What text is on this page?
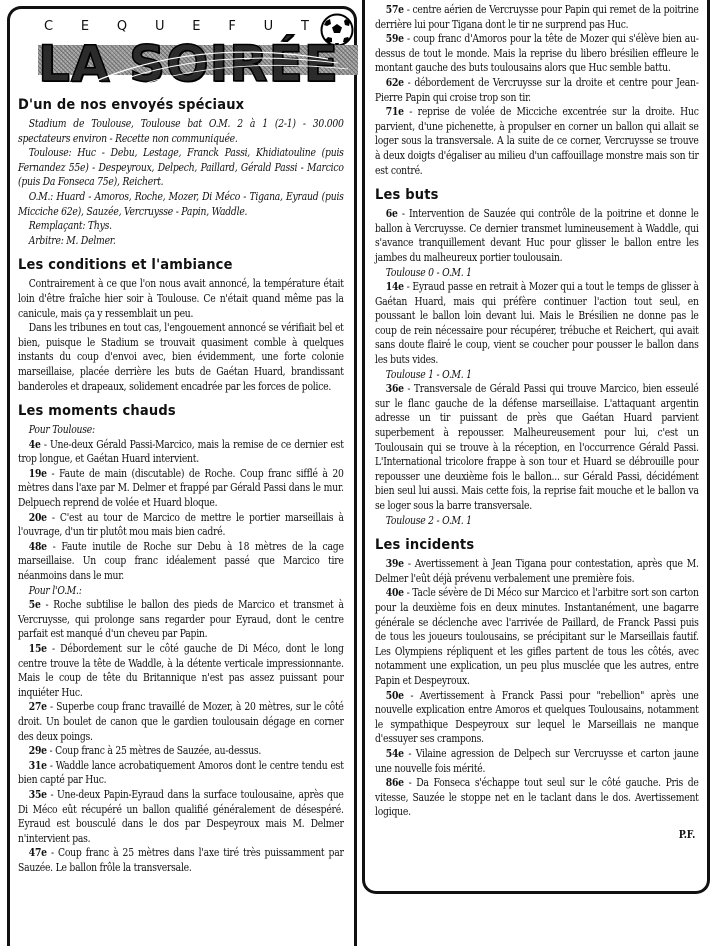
C E Q U E F U T
LA SOIRÉE
D'un de nos envoyés spéciaux

Stadium de Toulouse, Toulouse bat O.M. 2 à 1 (2-1) - 30.000 spectateurs environ - Recette non communiquée.

Toulouse: Huc - Debu, Lestage, Franck Passi, Khidiatouline (puis Fernandez 55e) - Despeyroux, Delpech, Paillard, Gérald Passi - Marcico (puis Da Fonseca 75e), Reichert.

O.M.: Huard - Amoros, Roche, Mozer, Di Méco - Tigana, Eyraud (puis Micciche 62e), Sauzée, Vercruysse - Papin, Waddle.

Remplaçant: Thys.

Arbitre: M. Delmer.

Les conditions et l'ambiance

Contrairement à ce que l'on nous avait annoncé, la température était loin d'être fraîche hier soir à Toulouse. Ce n'était quand même pas la canicule, mais ça y ressemblait un peu.

Dans les tribunes en tout cas, l'engouement annoncé se vérifiait bel et bien, puisque le Stadium se trouvait quasiment comble à quelques instants du coup d'envoi avec, bien évidemment, une forte colonie marseillaise, placée derrière les buts de Gaétan Huard, brandissant banderoles et drapeaux, solidement encadrée par les forces de police.

Les moments chauds

Pour Toulouse:

4e - Une-deux Gérald Passi-Marcico, mais la remise de ce dernier est trop longue, et Gaétan Huard intervient.

19e - Faute de main (discutable) de Roche. Coup franc sifflé à 20 mètres dans l'axe par M. Delmer et frappé par Gérald Passi dans le mur. Delpuech reprend de volée et Huard bloque.

20e - C'est au tour de Marcico de mettre le portier marseillais à l'ouvrage, d'un tir plutôt mou mais bien cadré.

48e - Faute inutile de Roche sur Debu à 18 mètres de la cage marseillaise. Un coup franc idéalement passé que Marcico tire néanmoins dans le mur.

Pour l'O.M.:

5e - Roche subtilise le ballon des pieds de Marcico et transmet à Vercruysse, qui prolonge sans regarder pour Eyraud, dont le centre parfait est manqué d'un cheveu par Papin.

15e - Débordement sur le côté gauche de Di Méco, dont le long centre trouve la tête de Waddle, à la détente verticale impressionnante. Mais le coup de tête du Britannique n'est pas assez puissant pour inquiéter Huc.

27e - Superbe coup franc travaillé de Mozer, à 20 mètres, sur le côté droit. Un boulet de canon que le gardien toulousain dégage en corner des deux poings.

29e - Coup franc à 25 mètres de Sauzée, au-dessus.

31e - Waddle lance acrobatiquement Amoros dont le centre tendu est bien capté par Huc.

35e - Une-deux Papin-Eyraud dans la surface toulousaine, après que Di Méco eût récupéré un ballon qualifié généralement de désespéré. Eyraud est bousculé dans le dos par Despeyroux mais M. Delmer n'intervient pas.

47e - Coup franc à 25 mètres dans l'axe tiré très puissamment par Sauzée. Le ballon frôle la transversale.

57e - centre aérien de Vercruysse pour Papin qui remet de la poitrine derrière lui pour Tigana dont le tir ne surprend pas Huc.

59e - coup franc d'Amoros pour la tête de Mozer qui s'élève bien au-dessus de tout le monde. Mais la reprise du libero brésilien effleure le montant gauche des buts toulousains alors que Huc semble battu.

62e - débordement de Vercruysse sur la droite et centre pour Jean-Pierre Papin qui croise trop son tir.

71e - reprise de volée de Micciche excentrée sur la droite. Huc parvient, d'une pichenette, à propulser en corner un ballon qui allait se loger sous la transversale. A la suite de ce corner, Vercruysse se trouve à deux doigts d'égaliser au milieu d'un caffouillage monstre mais son tir est contré.

Les buts

6e - Intervention de Sauzée qui contrôle de la poitrine et donne le ballon à Vercruysse. Ce dernier transmet lumineusement à Waddle, qui s'avance tranquillement devant Huc pour glisser le ballon entre les jambes du malheureux portier toulousain.

Toulouse 0 - O.M. 1

14e - Eyraud passe en retrait à Mozer qui a tout le temps de glisser à Gaétan Huard, mais qui préfère continuer l'action tout seul, en poussant le ballon loin devant lui. Mais le Brésilien ne donne pas le coup de rein nécessaire pour récupérer, trébuche et Reichert, qui avait sans doute flairé le coup, vient se coucher pour pousser le ballon dans les buts vides.

Toulouse 1 - O.M. 1

36e - Transversale de Gérald Passi qui trouve Marcico, bien esseulé sur le flanc gauche de la défense marseillaise. L'attaquant argentin adresse un tir puissant de près que Gaétan Huard parvient superbement à repousser. Malheureusement pour lui, c'est un Toulousain qui se trouve à la réception, en l'occurrence Gérald Passi. L'International tricolore frappe à son tour et Huard se débrouille pour repousser une deuxième fois le ballon... sur Gérald Passi, décidément bien seul lui aussi. Mais cette fois, la reprise fait mouche et le ballon va se loger sous la barre transversale.

Toulouse 2 - O.M. 1

Les incidents

39e - Avertissement à Jean Tigana pour contestation, après que M. Delmer l'eût déjà prévenu verbalement une première fois.

40e - Tacle sévère de Di Méco sur Marcico et l'arbitre sort son carton pour la deuxième fois en deux minutes. Instantanément, une bagarre générale se déclenche avec l'arrivée de Paillard, de Franck Passi puis de tous les joueurs toulousains, se précipitant sur le Marseillais fautif. Les Olympiens répliquent et les gifles partent de tous les côtés, avec notamment une explication, un peu plus musclée que les autres, entre Papin et Despeyroux.

50e - Avertissement à Franck Passi pour "rebellion" après une nouvelle explication entre Amoros et quelques Toulousains, notamment le sympathique Despeyroux sur lequel le Marseillais ne manque d'essuyer ses crampons.

54e - Vilaine agression de Delpech sur Vercruysse et carton jaune une nouvelle fois mérité.

86e - Da Fonseca s'échappe tout seul sur le côté gauche. Pris de vitesse, Sauzée le stoppe net en le taclant dans le dos. Avertissement logique.

P.F.
